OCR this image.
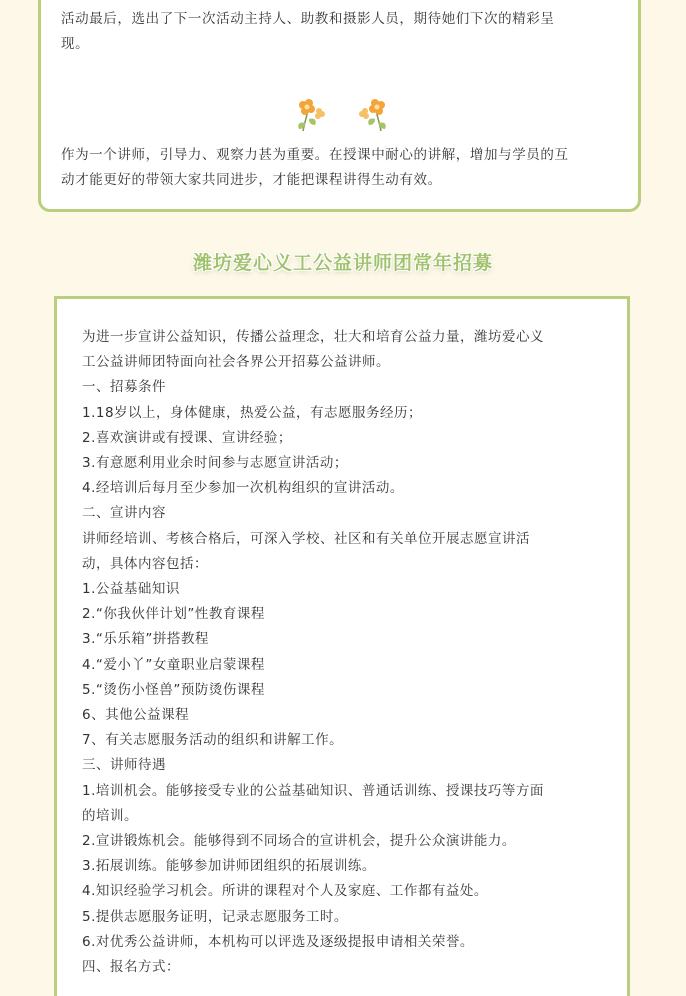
活动最后，选出了下一次活动主持人、助教和摄影人员，期待她们下次的精彩呈
现。

作为一个讲师，引导力、观察力甚为重要。在授课中耐心的讲解，增加与学员的互
动才能更好的带领大家共同进步，才能把课程讲得生动有效。

潍坊爱心义工公益讲师团常年招募
为进一步宣讲公益知识，传播公益理念，壮大和培育公益力量，潍坊爱心义
工公益讲师团特面向社会各界公开招募公益讲师。
一、招募条件
1.18岁以上，身体健康，热爱公益，有志愿服务经历；
2.喜欢演讲或有授课、宣讲经验；
3.有意愿利用业余时间参与志愿宣讲活动；
4.经培训后每月至少参加一次机构组织的宣讲活动。
二、宣讲内容
讲师经培训、考核合格后，可深入学校、社区和有关单位开展志愿宣讲活
动，具体内容包括：
1.公益基础知识
2.“你我伙伴计划”性教育课程
3.“乐乐箱”拼搭教程
4.“爱小丫”女童职业启蒙课程
5.“烫伤小怪兽”预防烫伤课程
6、其他公益课程
7、有关志愿服务活动的组织和讲解工作。
三、讲师待遇
1.培训机会。能够接受专业的公益基础知识、普通话训练、授课技巧等方面
的培训。
2.宣讲锻炼机会。能够得到不同场合的宣讲机会，提升公众演讲能力。
3.拓展训练。能够参加讲师团组织的拓展训练。
4.知识经验学习机会。所讲的课程对个人及家庭、工作都有益处。
5.提供志愿服务证明，记录志愿服务工时。
6.对优秀公益讲师，本机构可以评选及逐级提报申请相关荣誉。
四、报名方式：
